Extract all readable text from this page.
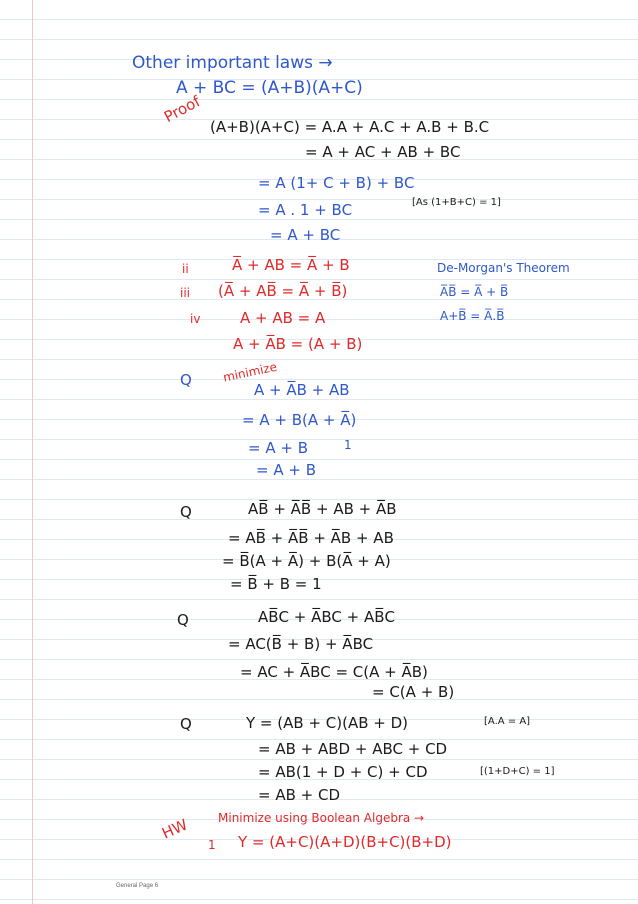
Other important laws →
A + BC = (A+B)(A+C)
Proof
(A+B)(A+C) = A.A + A.C + A.B + B.C
= A + AC + AB + BC
= A (1+ C + B) + BC
= A . 1 + BC	[As (1+B+C) = 1]
= A + BC
ii	A̅ + AB = A̅ + B
iii (A̅ + AB̅ = A̅ + B̅)
iv	A + AB = A
A + A̅B = (A + B)
De-Morgan's Theorem
A̅B̅ = A̅ + B̅
A+B̅ = A̅.B̅
Q minimize
A + A̅B + AB
= A + B(A + A̅)
1
= A + B
= A + B
Q	AB̅ + A̅B̅ + AB + A̅B
= AB̅ + A̅B̅ + A̅B + AB
= B̅(A + A̅) + B(A̅ + A)
= B̅ + B = 1
Q	AB̅C + A̅BC + AB̅C
= AC(B̅ + B) + A̅BC
= AC + A̅BC = C(A + A̅B)
= C(A + B)
Q	Y = (AB + C)(AB + D)	[A.A = A]
= AB + ABD + ABC + CD
= AB(1 + D + C) + CD	[(1+D+C) = 1]
= AB + CD
HW Minimize using Boolean Algebra →
1 Y = (A+C)(A+D)(B+C)(B+D)
General Page 6
